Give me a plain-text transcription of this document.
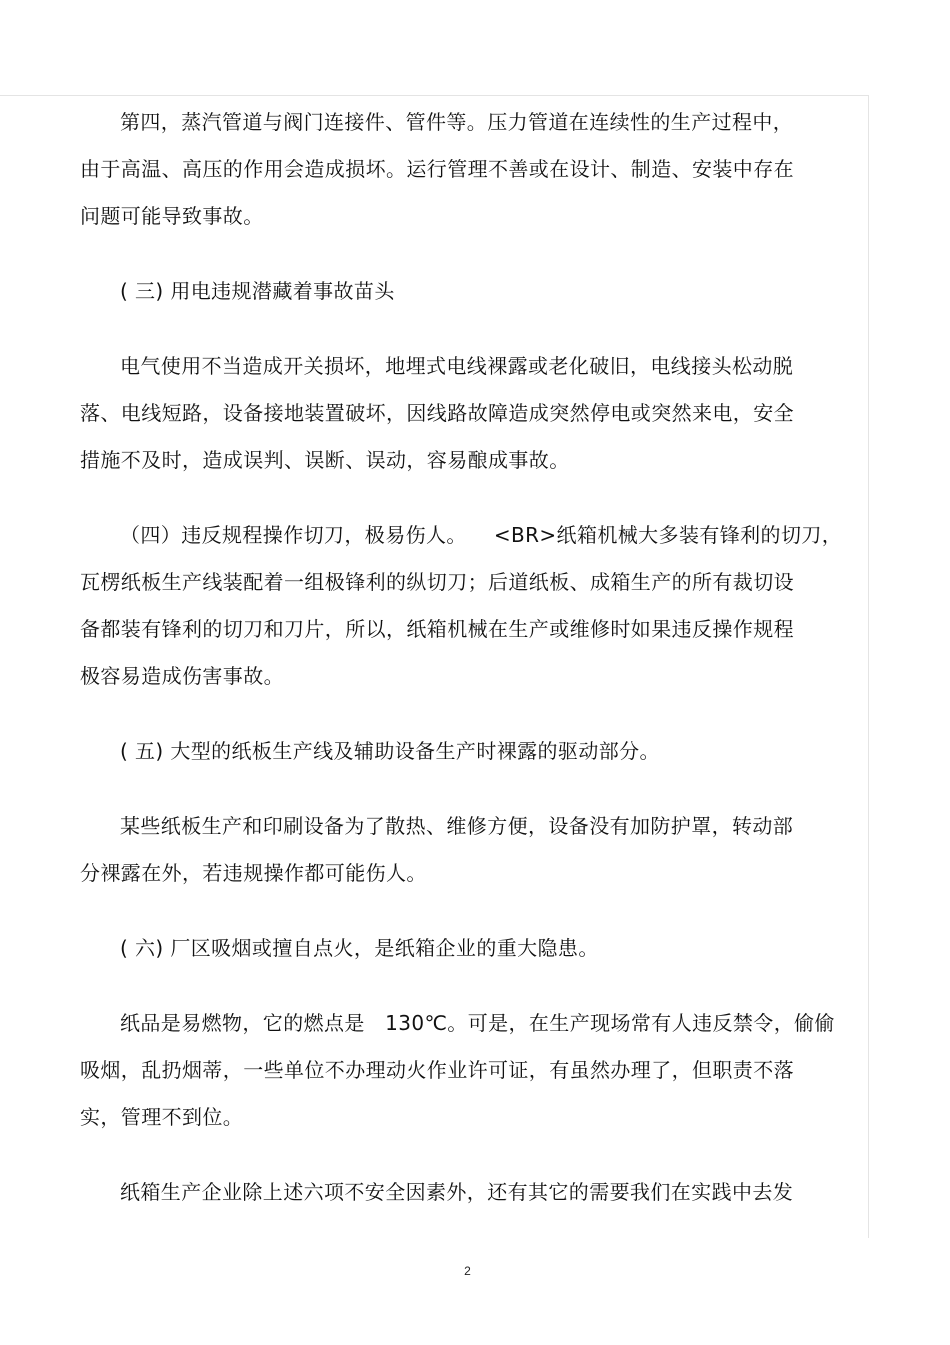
第四，蒸汽管道与阀门连接件、管件等。压力管道在连续性的生产过程中，
由于高温、高压的作用会造成损坏。运行管理不善或在设计、制造、安装中存在
问题可能导致事故。

( 三) 用电违规潜藏着事故苗头

电气使用不当造成开关损坏，地埋式电线裸露或老化破旧，电线接头松动脱
落、电线短路，设备接地装置破坏，因线路故障造成突然停电或突然来电，安全
措施不及时，造成误判、误断、误动，容易酿成事故。

（四）违反规程操作切刀，极易伤人。    <BR>纸箱机械大多装有锋利的切刀，
瓦楞纸板生产线装配着一组极锋利的纵切刀；后道纸板、成箱生产的所有裁切设
备都装有锋利的切刀和刀片，所以，纸箱机械在生产或维修时如果违反操作规程
极容易造成伤害事故。

( 五) 大型的纸板生产线及辅助设备生产时裸露的驱动部分。

某些纸板生产和印刷设备为了散热、维修方便，设备没有加防护罩，转动部
分裸露在外，若违规操作都可能伤人。

( 六) 厂区吸烟或擅自点火，是纸箱企业的重大隐患。

纸品是易燃物，它的燃点是   130℃。可是，在生产现场常有人违反禁令，偷偷
吸烟，乱扔烟蒂，一些单位不办理动火作业许可证，有虽然办理了，但职责不落
实，管理不到位。

纸箱生产企业除上述六项不安全因素外，还有其它的需要我们在实践中去发

2
